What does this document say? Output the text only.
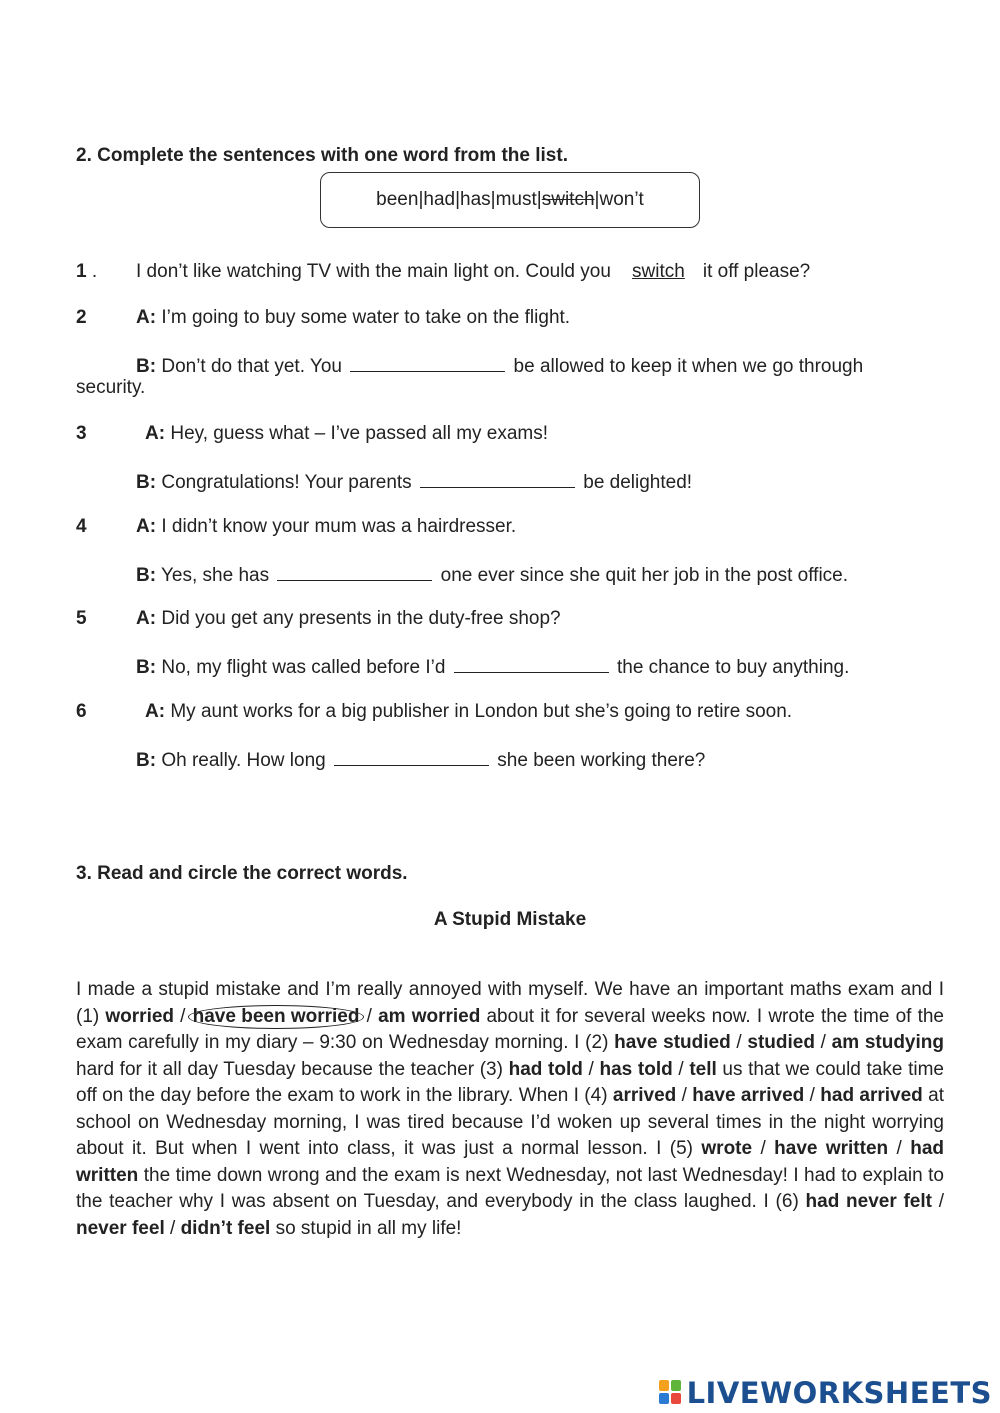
2. Complete the sentences with one word from the list.
been | had | has | must | switch | won’t
1 . I don’t like watching TV with the main light on. Could you switch it off please?
2	A: I’m going to buy some water to take on the flight.
B: Don’t do that yet. You	be allowed to keep it when we go through
security.
3	A: Hey, guess what – I’ve passed all my exams!
B: Congratulations! Your parents	be delighted!
4	A: I didn’t know your mum was a hairdresser.
B: Yes, she has	one ever since she quit her job in the post office.
5	A: Did you get any presents in the duty-free shop?
B: No, my flight was called before I’d	the chance to buy anything.
6	A: My aunt works for a big publisher in London but she’s going to retire soon.
B: Oh really. How long	she been working there?
3. Read and circle the correct words.
A Stupid Mistake

I made a stupid mistake and I’m really annoyed with myself. We have an important maths exam and I (1) worried / have been worried / am worried about it for several weeks now. I wrote the time of the exam carefully in my diary – 9:30 on Wednesday morning. I (2) have studied / studied / am studying hard for it all day Tuesday because the teacher (3) had told / has told / tell us that we could take time off on the day before the exam to work in the library. When I (4) arrived / have arrived / had arrived at school on Wednesday morning, I was tired because I’d woken up several times in the night worrying about it. But when I went into class, it was just a normal lesson. I (5) wrote / have written / had written the time down wrong and the exam is next Wednesday, not last Wednesday! I had to explain to the teacher why I was absent on Tuesday, and everybody in the class laughed. I (6) had never felt / never feel / didn’t feel so stupid in all my life!

LIVEWORKSHEETS
